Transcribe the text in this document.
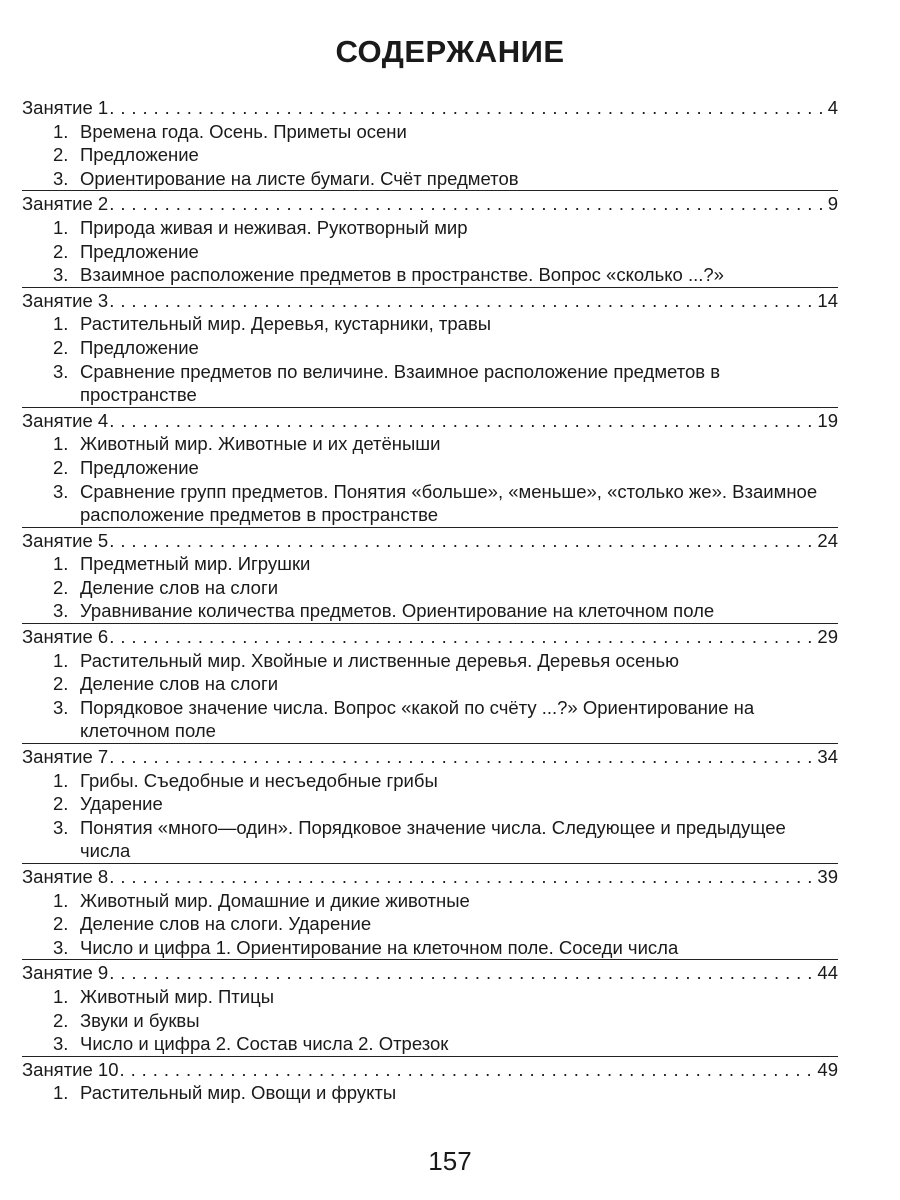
СОДЕРЖАНИЕ
Занятие 1 . . .	4
1. Времена года. Осень. Приметы осени
2. Предложение
3. Ориентирование на листе бумаги. Счёт предметов
Занятие 2 . . .	9
1. Природа живая и неживая. Рукотворный мир
2. Предложение
3. Взаимное расположение предметов в пространстве. Вопрос «сколько ...?»
Занятие 3 . . .	14
1. Растительный мир. Деревья, кустарники, травы
2. Предложение
3. Сравнение предметов по величине. Взаимное расположение предметов в пространстве
Занятие 4 . . .	19
1. Животный мир. Животные и их детёныши
2. Предложение
3. Сравнение групп предметов. Понятия «больше», «меньше», «столько же». Взаимное расположение предметов в пространстве
Занятие 5 . . .	24
1. Предметный мир. Игрушки
2. Деление слов на слоги
3. Уравнивание количества предметов. Ориентирование на клеточном поле
Занятие 6 . . .	29
1. Растительный мир. Хвойные и лиственные деревья. Деревья осенью
2. Деление слов на слоги
3. Порядковое значение числа. Вопрос «какой по счёту ...?» Ориентирование на клеточном поле
Занятие 7 . . .	34
1. Грибы. Съедобные и несъедобные грибы
2. Ударение
3. Понятия «много—один». Порядковое значение числа. Следующее и предыдущее числа
Занятие 8 . . .	39
1. Животный мир. Домашние и дикие животные
2. Деление слов на слоги. Ударение
3. Число и цифра 1. Ориентирование на клеточном поле. Соседи числа
Занятие 9 . . .	44
1. Животный мир. Птицы
2. Звуки и буквы
3. Число и цифра 2. Состав числа 2. Отрезок
Занятие 10 . . .	49
1. Растительный мир. Овощи и фрукты
157
